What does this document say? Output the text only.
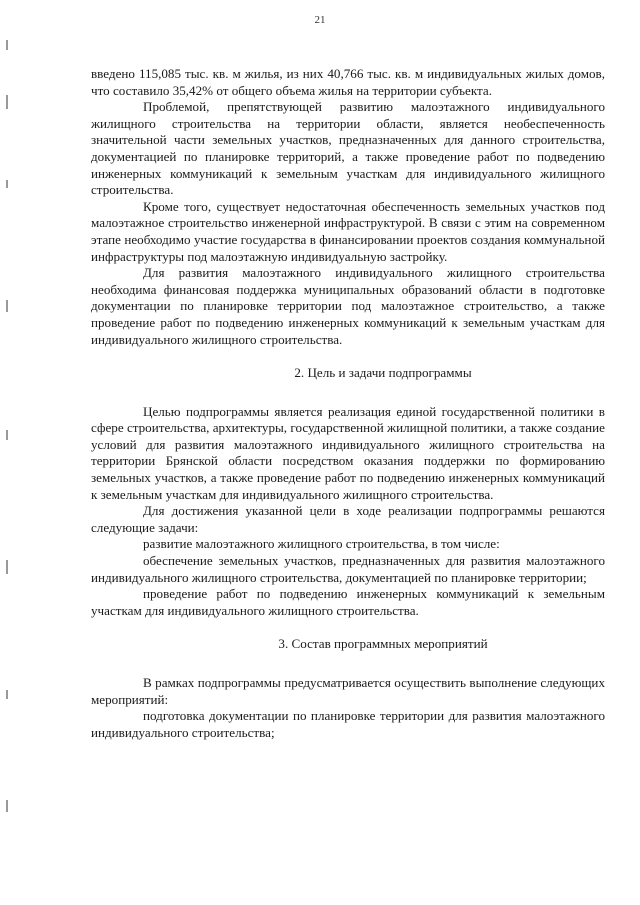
21

введено 115,085 тыс. кв. м жилья, из них 40,766 тыс. кв. м индивидуальных жилых домов, что составило 35,42% от общего объема жилья на территории субъекта.

Проблемой, препятствующей развитию малоэтажного индивидуального жилищного строительства на территории области, является необеспеченность значительной части земельных участков, предназначенных для данного строительства, документацией по планировке территорий, а также проведение работ по подведению инженерных коммуникаций к земельным участкам для индивидуального жилищного строительства.

Кроме того, существует недостаточная обеспеченность земельных участков под малоэтажное строительство инженерной инфраструктурой. В связи с этим на современном этапе необходимо участие государства в финансировании проектов создания коммунальной инфраструктуры под малоэтажную индивидуальную застройку.

Для развития малоэтажного индивидуального жилищного строительства необходима финансовая поддержка муниципальных образований области в подготовке документации по планировке территории под малоэтажное строительство, а также проведение работ по подведению инженерных коммуникаций к земельным участкам для индивидуального жилищного строительства.

2. Цель и задачи подпрограммы

Целью подпрограммы является реализация единой государственной политики в сфере строительства, архитектуры, государственной жилищной политики, а также создание условий для развития малоэтажного индивидуального жилищного строительства на территории Брянской области посредством оказания поддержки по формированию земельных участков, а также проведение работ по подведению инженерных коммуникаций к земельным участкам для индивидуального жилищного строительства.

Для достижения указанной цели в ходе реализации подпрограммы решаются следующие задачи:

развитие малоэтажного жилищного строительства, в том числе:

обеспечение земельных участков, предназначенных для развития малоэтажного индивидуального жилищного строительства, документацией по планировке территории;

проведение работ по подведению инженерных коммуникаций к земельным участкам для индивидуального жилищного строительства.

3. Состав программных мероприятий

В рамках подпрограммы предусматривается осуществить выполнение следующих мероприятий:

подготовка документации по планировке территории для развития малоэтажного индивидуального строительства;
